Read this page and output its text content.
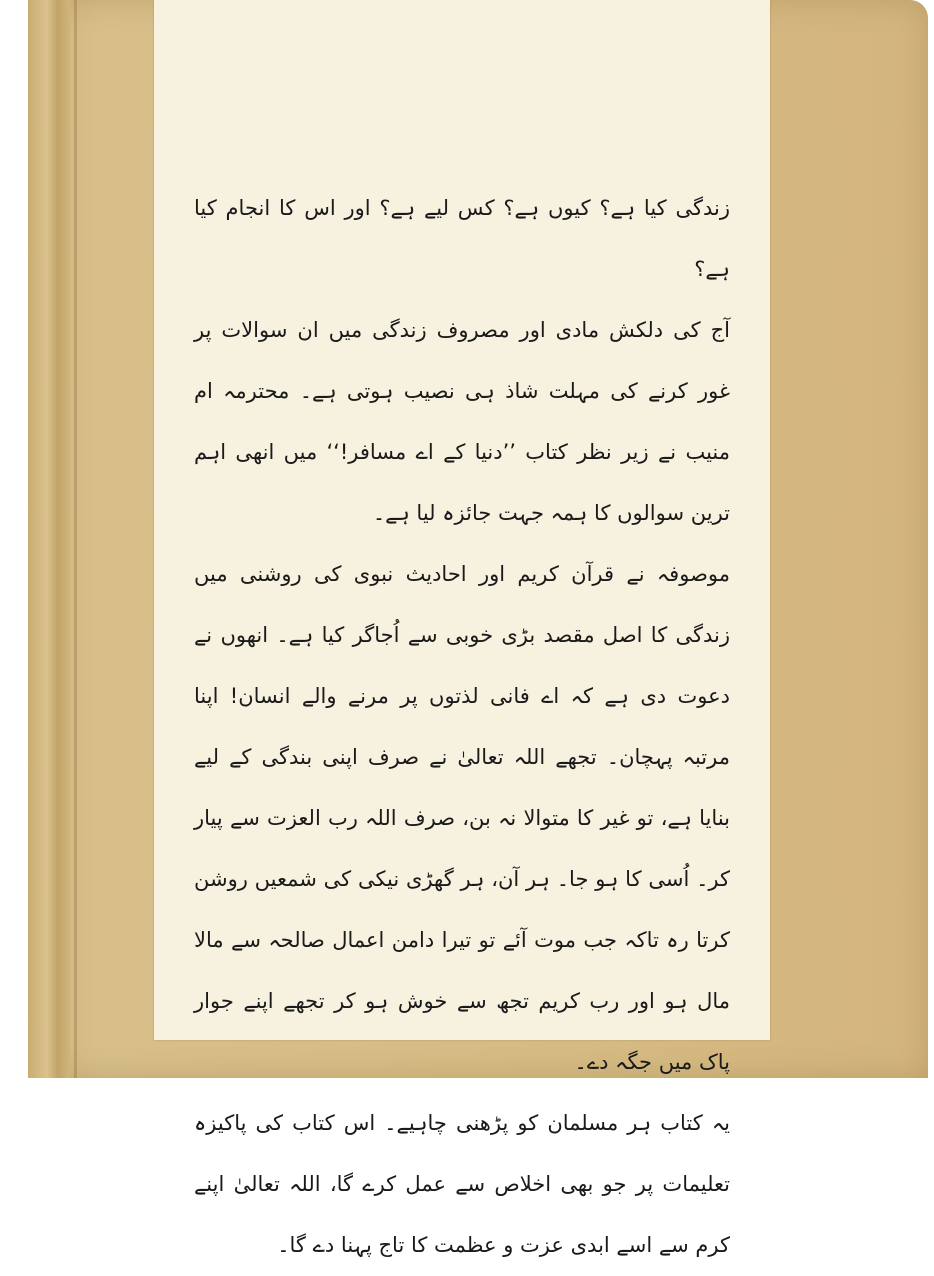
زندگی کیا ہے؟ کیوں ہے؟ کس لیے ہے؟ اور اس کا انجام کیا ہے؟

آج کی دلکش مادی اور مصروف زندگی میں ان سوالات پر غور کرنے کی مہلت شاذ ہی نصیب ہوتی ہے۔ محترمہ ام منیب نے زیر نظر کتاب ’’دنیا کے اے مسافر!‘‘ میں انھی اہم ترین سوالوں کا ہمہ جہت جائزہ لیا ہے۔

موصوفہ نے قرآن کریم اور احادیث نبوی کی روشنی میں زندگی کا اصل مقصد بڑی خوبی سے اُجاگر کیا ہے۔ انھوں نے دعوت دی ہے کہ اے فانی لذتوں پر مرنے والے انسان! اپنا مرتبہ پہچان۔ تجھے اللہ تعالیٰ نے صرف اپنی بندگی کے لیے بنایا ہے، تو غیر کا متوالا نہ بن، صرف اللہ رب العزت سے پیار کر۔ اُسی کا ہو جا۔ ہر آن، ہر گھڑی نیکی کی شمعیں روشن کرتا رہ تاکہ جب موت آئے تو تیرا دامن اعمال صالحہ سے مالا مال ہو اور رب کریم تجھ سے خوش ہو کر تجھے اپنے جوار پاک میں جگہ دے۔

یہ کتاب ہر مسلمان کو پڑھنی چاہیے۔ اس کتاب کی پاکیزہ تعلیمات پر جو بھی اخلاص سے عمل کرے گا، اللہ تعالیٰ اپنے کرم سے اسے ابدی عزت و عظمت کا تاج پہنا دے گا۔
